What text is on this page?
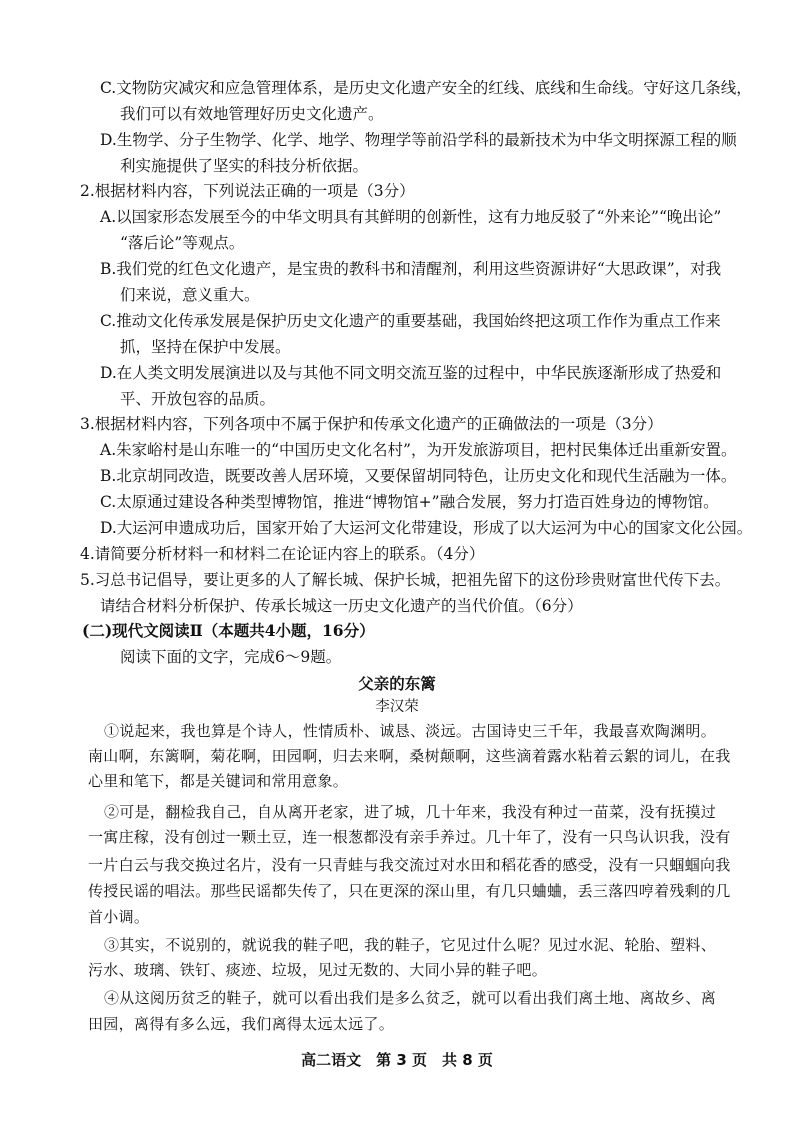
C.文物防灾减灾和应急管理体系，是历史文化遗产安全的红线、底线和生命线。守好这几条线，
我们可以有效地管理好历史文化遗产。
D.生物学、分子生物学、化学、地学、物理学等前沿学科的最新技术为中华文明探源工程的顺
利实施提供了坚实的科技分析依据。
2.根据材料内容，下列说法正确的一项是（3分）
A.以国家形态发展至今的中华文明具有其鲜明的创新性，这有力地反驳了“外来论”“晚出论”
“落后论”等观点。
B.我们党的红色文化遗产，是宝贵的教科书和清醒剂，利用这些资源讲好“大思政课”，对我
们来说，意义重大。
C.推动文化传承发展是保护历史文化遗产的重要基础，我国始终把这项工作作为重点工作来
抓，坚持在保护中发展。
D.在人类文明发展演进以及与其他不同文明交流互鉴的过程中，中华民族逐渐形成了热爱和
平、开放包容的品质。
3.根据材料内容，下列各项中不属于保护和传承文化遗产的正确做法的一项是（3分）
A.朱家峪村是山东唯一的“中国历史文化名村”，为开发旅游项目，把村民集体迁出重新安置。
B.北京胡同改造，既要改善人居环境，又要保留胡同特色，让历史文化和现代生活融为一体。
C.太原通过建设各种类型博物馆，推进“博物馆+”融合发展，努力打造百姓身边的博物馆。
D.大运河申遗成功后，国家开始了大运河文化带建设，形成了以大运河为中心的国家文化公园。
4.请简要分析材料一和材料二在论证内容上的联系。（4分）
5.习总书记倡导，要让更多的人了解长城、保护长城，把祖先留下的这份珍贵财富世代传下去。
请结合材料分析保护、传承长城这一历史文化遗产的当代价值。（6分）
(二)现代文阅读Ⅱ（本题共4小题，16分）
阅读下面的文字，完成6～9题。
父亲的东篱
李汉荣
①说起来，我也算是个诗人，性情质朴、诚恳、淡远。古国诗史三千年，我最喜欢陶渊明。
南山啊，东篱啊，菊花啊，田园啊，归去来啊，桑树颠啊，这些滴着露水粘着云絮的词儿，在我
心里和笔下，都是关键词和常用意象。
②可是，翻检我自己，自从离开老家，进了城，几十年来，我没有种过一苗菜，没有抚摸过
一寓庄稼，没有创过一颗土豆，连一根葱都没有亲手养过。几十年了，没有一只鸟认识我，没有
一片白云与我交换过名片，没有一只青蛙与我交流过对水田和稻花香的感受，没有一只蝈蝈向我
传授民谣的唱法。那些民谣都失传了，只在更深的深山里，有几只蛐蛐，丢三落四哼着残剩的几
首小调。
③其实，不说别的，就说我的鞋子吧，我的鞋子，它见过什么呢？见过水泥、轮胎、塑料、
污水、玻璃、铁钉、痰迹、垃圾，见过无数的、大同小异的鞋子吧。
④从这阅历贫乏的鞋子，就可以看出我们是多么贫乏，就可以看出我们离土地、离故乡、离
田园，离得有多么远，我们离得太远太远了。
高二语文　第 3 页　共 8 页
